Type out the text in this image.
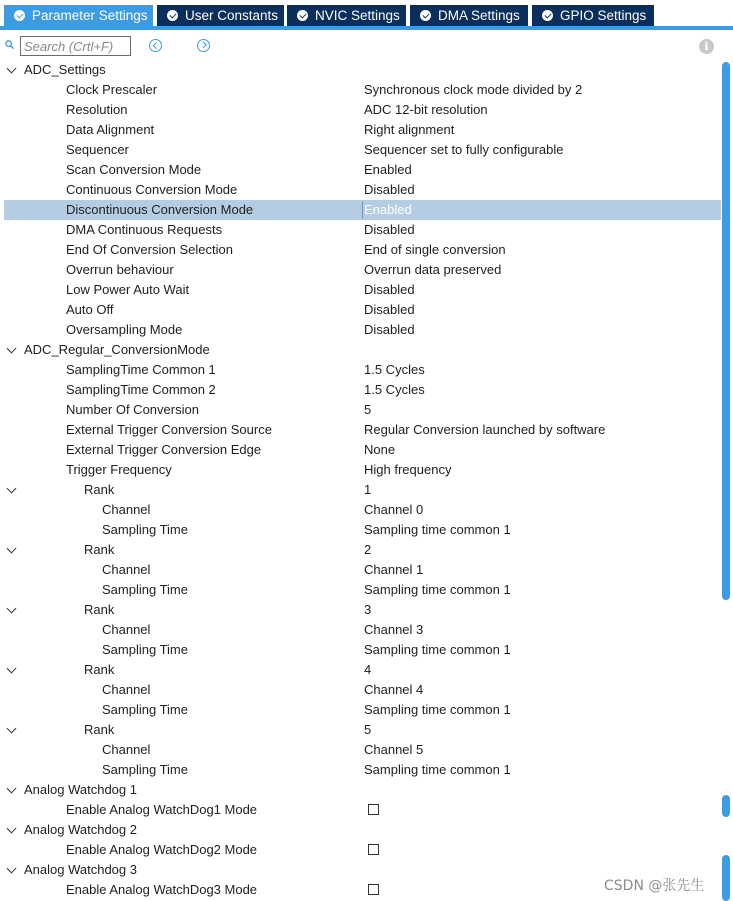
Parameter Settings	User Constants	NVIC Settings	DMA Settings	GPIO Settings
Search (Crtl+F)
i
ADC_Settings
Clock Prescaler	Synchronous clock mode divided by 2
Resolution	ADC 12-bit resolution
Data Alignment	Right alignment
Sequencer	Sequencer set to fully configurable
Scan Conversion Mode	Enabled
Continuous Conversion Mode	Disabled
Discontinuous Conversion Mode	Enabled
DMA Continuous Requests	Disabled
End Of Conversion Selection	End of single conversion
Overrun behaviour	Overrun data preserved
Low Power Auto Wait	Disabled
Auto Off	Disabled
Oversampling Mode	Disabled
ADC_Regular_ConversionMode
SamplingTime Common 1	1.5 Cycles
SamplingTime Common 2	1.5 Cycles
Number Of Conversion	5
External Trigger Conversion Source	Regular Conversion launched by software
External Trigger Conversion Edge	None
Trigger Frequency	High frequency
Rank	1
Channel	Channel 0
Sampling Time	Sampling time common 1
Rank	2
Channel	Channel 1
Sampling Time	Sampling time common 1
Rank	3
Channel	Channel 3
Sampling Time	Sampling time common 1
Rank	4
Channel	Channel 4
Sampling Time	Sampling time common 1
Rank	5
Channel	Channel 5
Sampling Time	Sampling time common 1
Analog Watchdog 1
Enable Analog WatchDog1 Mode
Analog Watchdog 2
Enable Analog WatchDog2 Mode
Analog Watchdog 3
Enable Analog WatchDog3 Mode	CSDN @张先生
